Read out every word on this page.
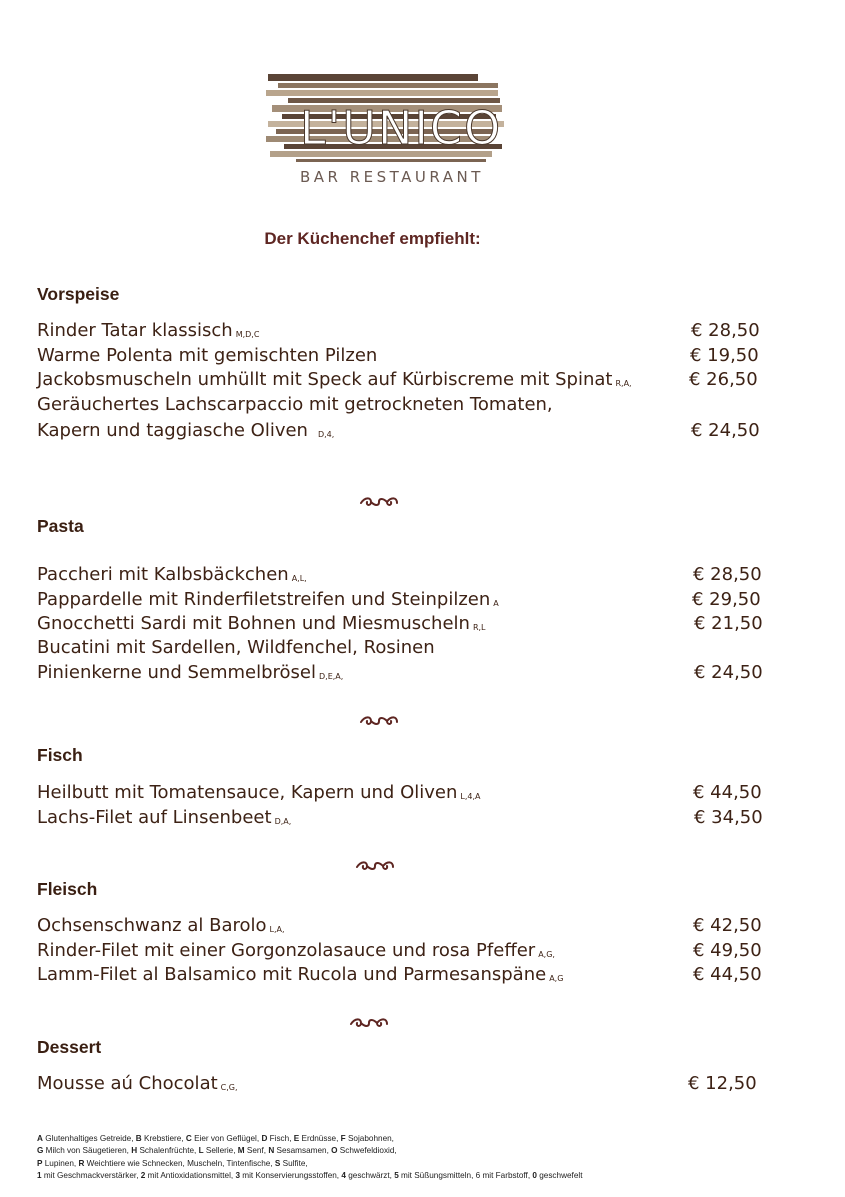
L'UNICO
BAR RESTAURANT
Der Küchenchef empfiehlt:
Vorspeise
Rinder Tatar klassisch M,D,C	€ 28,50
Warme Polenta mit gemischten Pilzen	€ 19,50
Jackobsmuscheln umhüllt mit Speck auf Kürbiscreme mit Spinat R,A,	€ 26,50
Geräuchertes Lachscarpaccio mit getrockneten Tomaten,
Kapern und taggiasche Oliven D,4,	€ 24,50
Pasta
Paccheri mit Kalbsbäckchen A,L,	€ 28,50
Pappardelle mit Rinderfiletstreifen und Steinpilzen A	€ 29,50
Gnocchetti Sardi mit Bohnen und Miesmuscheln R,L	€ 21,50
Bucatini mit Sardellen, Wildfenchel, Rosinen
Pinienkerne und Semmelbrösel D,E,A,	€ 24,50
Fisch
Heilbutt mit Tomatensauce, Kapern und Oliven L,4,A	€ 44,50
Lachs-Filet auf Linsenbeet D,A,	€ 34,50
Fleisch
Ochsenschwanz al Barolo L,A,	€ 42,50
Rinder-Filet mit einer Gorgonzolasauce und rosa Pfeffer A,G,	€ 49,50
Lamm-Filet al Balsamico mit Rucola und Parmesanspäne A,G	€ 44,50
Dessert
Mousse aú Chocolat C,G,	€ 12,50
A Glutenhaltiges Getreide, B Krebstiere, C Eier von Geflügel, D Fisch, E Erdnüsse, F Sojabohnen,
G Milch von Säugetieren, H Schalenfrüchte, L Sellerie, M Senf, N Sesamsamen, O Schwefeldioxid,
P Lupinen, R Weichtiere wie Schnecken, Muscheln, Tintenfische, S Sulfite,
1 mit Geschmackverstärker, 2 mit Antioxidationsmittel, 3 mit Konservierungsstoffen, 4 geschwärzt, 5 mit Süßungsmitteln, 6 mit Farbstoff, 0 geschwefelt
